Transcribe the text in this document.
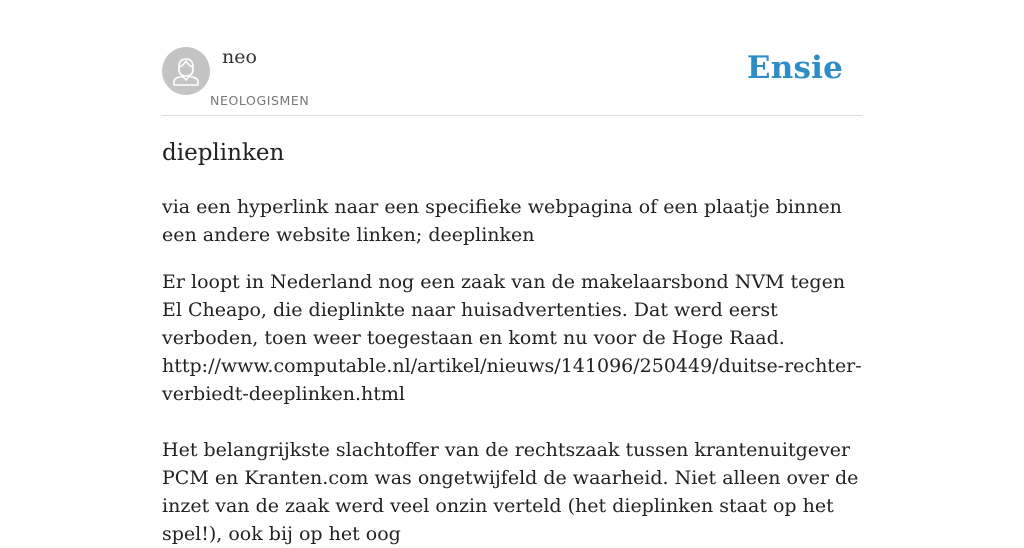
neo
NEOLOGISMEN
Ensie
dieplinken

via een hyperlink naar een specifieke webpagina of een plaatje binnen een andere website linken; deeplinken

Er loopt in Nederland nog een zaak van de makelaarsbond NVM tegen El Cheapo, die dieplinkte naar huisadvertenties. Dat werd eerst verboden, toen weer toegestaan en komt nu voor de Hoge Raad. http://www.computable.nl/artikel/nieuws/141096/250449/duitse-rechter-verbiedt-deeplinken.html

Het belangrijkste slachtoffer van de rechtszaak tussen krantenuitgever PCM en Kranten.com was ongetwijfeld de waarheid. Niet alleen over de inzet van de zaak werd veel onzin verteld (het dieplinken staat op het spel!), ook bij op het oog
